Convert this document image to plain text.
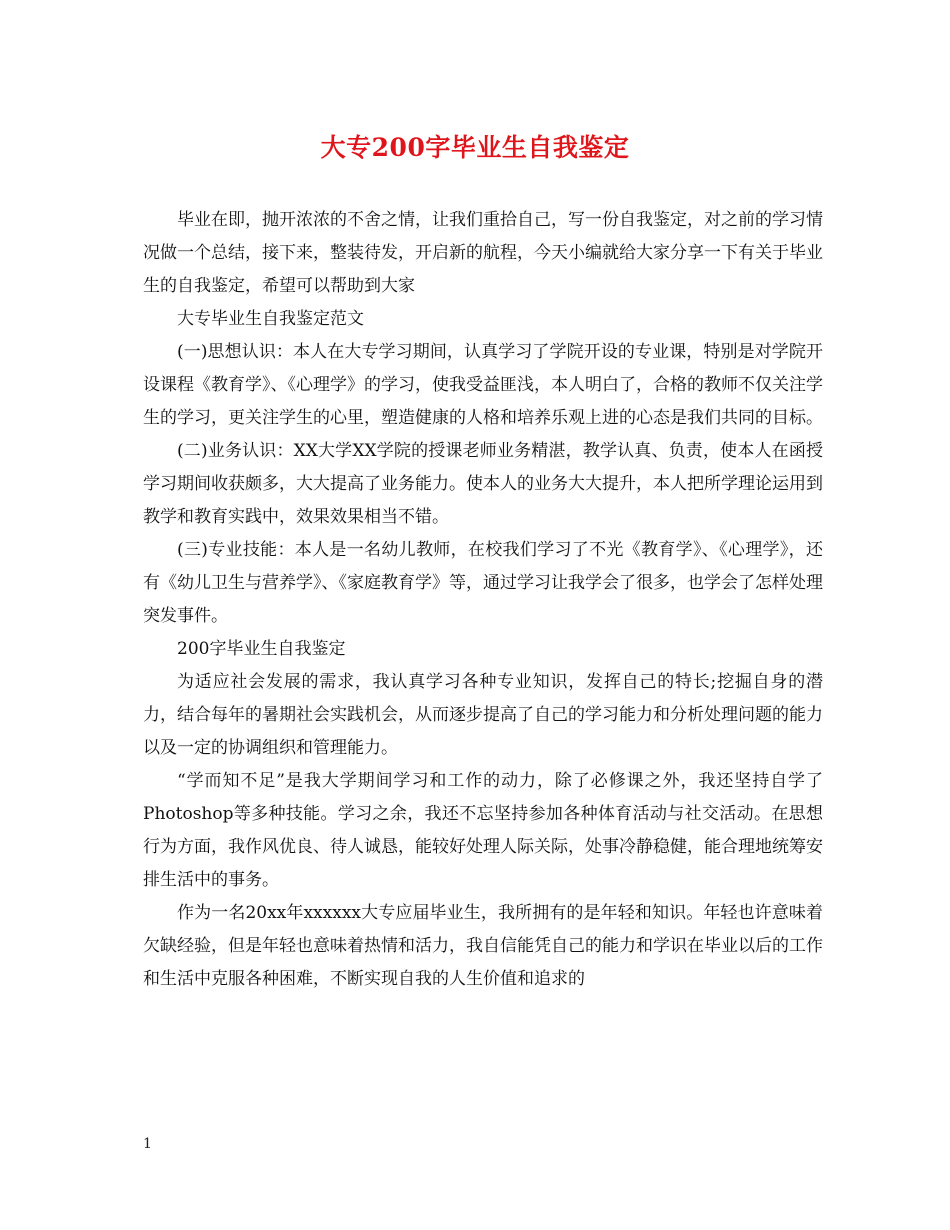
大专200字毕业生自我鉴定

毕业在即，抛开浓浓的不舍之情，让我们重拾自己，写一份自我鉴定，对之前的学习情况做一个总结，接下来，整装待发，开启新的航程，今天小编就给大家分享一下有关于毕业生的自我鉴定，希望可以帮助到大家

大专毕业生自我鉴定范文

(一)思想认识：本人在大专学习期间，认真学习了学院开设的专业课，特别是对学院开设课程《教育学》、《心理学》的学习，使我受益匪浅，本人明白了，合格的教师不仅关注学生的学习，更关注学生的心里，塑造健康的人格和培养乐观上进的心态是我们共同的目标。

(二)业务认识：XX大学XX学院的授课老师业务精湛，教学认真、负责，使本人在函授学习期间收获颇多，大大提高了业务能力。使本人的业务大大提升，本人把所学理论运用到教学和教育实践中，效果效果相当不错。

(三)专业技能：本人是一名幼儿教师，在校我们学习了不光《教育学》、《心理学》，还有《幼儿卫生与营养学》、《家庭教育学》等，通过学习让我学会了很多，也学会了怎样处理突发事件。

200字毕业生自我鉴定

为适应社会发展的需求，我认真学习各种专业知识，发挥自己的特长;挖掘自身的潜力，结合每年的暑期社会实践机会，从而逐步提高了自己的学习能力和分析处理问题的能力以及一定的协调组织和管理能力。

“学而知不足”是我大学期间学习和工作的动力，除了必修课之外，我还坚持自学了Photoshop等多种技能。学习之余，我还不忘坚持参加各种体育活动与社交活动。在思想行为方面，我作风优良、待人诚恳，能较好处理人际关际，处事冷静稳健，能合理地统筹安排生活中的事务。

作为一名20xx年xxxxxx大专应届毕业生，我所拥有的是年轻和知识。年轻也许意味着欠缺经验，但是年轻也意味着热情和活力，我自信能凭自己的能力和学识在毕业以后的工作和生活中克服各种困难，不断实现自我的人生价值和追求的

1
